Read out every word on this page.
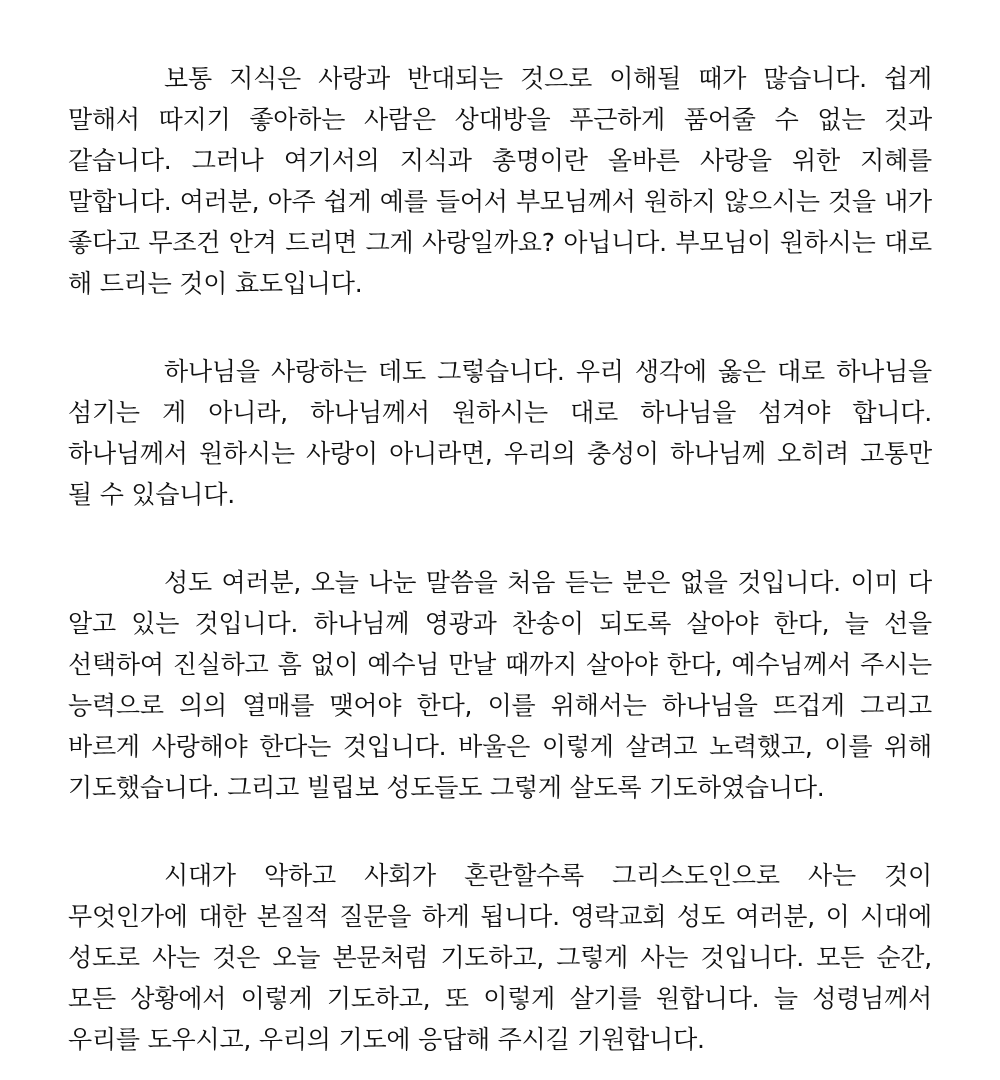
보통 지식은 사랑과 반대되는 것으로 이해될 때가 많습니다. 쉽게 말해서 따지기 좋아하는 사람은 상대방을 푸근하게 품어줄 수 없는 것과 같습니다. 그러나 여기서의 지식과 총명이란 올바른 사랑을 위한 지혜를 말합니다. 여러분, 아주 쉽게 예를 들어서 부모님께서 원하지 않으시는 것을 내가 좋다고 무조건 안겨 드리면 그게 사랑일까요? 아닙니다. 부모님이 원하시는 대로 해 드리는 것이 효도입니다.

하나님을 사랑하는 데도 그렇습니다. 우리 생각에 옳은 대로 하나님을 섬기는 게 아니라, 하나님께서 원하시는 대로 하나님을 섬겨야 합니다. 하나님께서 원하시는 사랑이 아니라면, 우리의 충성이 하나님께 오히려 고통만 될 수 있습니다.

성도 여러분, 오늘 나눈 말씀을 처음 듣는 분은 없을 것입니다. 이미 다 알고 있는 것입니다. 하나님께 영광과 찬송이 되도록 살아야 한다, 늘 선을 선택하여 진실하고 흠 없이 예수님 만날 때까지 살아야 한다, 예수님께서 주시는 능력으로 의의 열매를 맺어야 한다, 이를 위해서는 하나님을 뜨겁게 그리고 바르게 사랑해야 한다는 것입니다. 바울은 이렇게 살려고 노력했고, 이를 위해 기도했습니다. 그리고 빌립보 성도들도 그렇게 살도록 기도하였습니다.

시대가 악하고 사회가 혼란할수록 그리스도인으로 사는 것이 무엇인가에 대한 본질적 질문을 하게 됩니다. 영락교회 성도 여러분, 이 시대에 성도로 사는 것은 오늘 본문처럼 기도하고, 그렇게 사는 것입니다. 모든 순간, 모든 상황에서 이렇게 기도하고, 또 이렇게 살기를 원합니다. 늘 성령님께서 우리를 도우시고, 우리의 기도에 응답해 주시길 기원합니다.
